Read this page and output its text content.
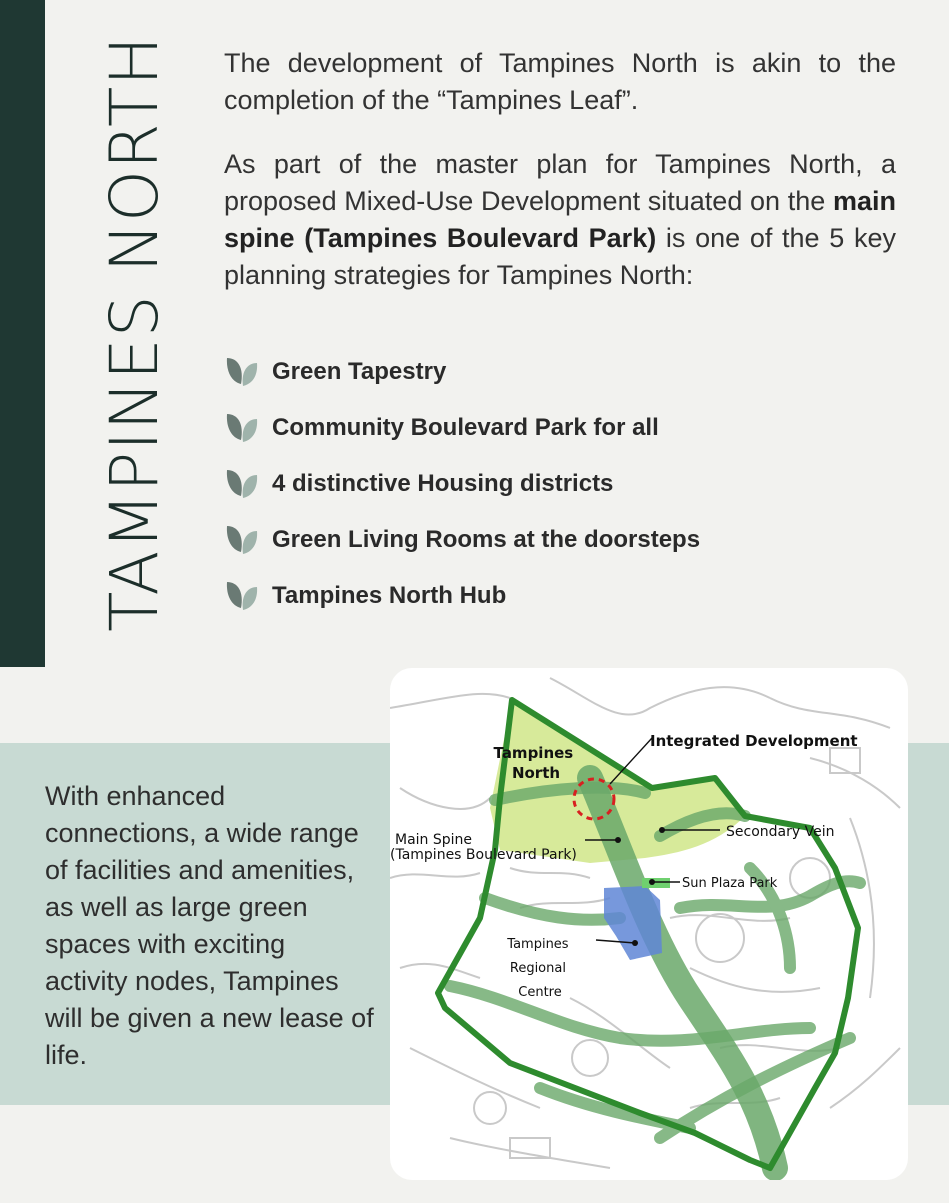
TAMPINES NORTH The development of Tampines North is akin to the completion of the “Tampines Leaf”.

As part of the master plan for Tampines North, a proposed Mixed-Use Development situated on the main spine (Tampines Boulevard Park) is one of the 5 key planning strategies for Tampines North:

Green Tapestry
Community Boulevard Park for all
4 distinctive Housing districts
Green Living Rooms at the doorsteps
Tampines North Hub
With enhanced connections, a wide range of facilities and amenities, as well as large green spaces with exciting activity nodes, Tampines will be given a new lease of life.
Tampines North
Integrated Development
Main Spine (Tampines Boulevard Park)
Secondary Vein
Sun Plaza Park
Tampines Regional Centre
